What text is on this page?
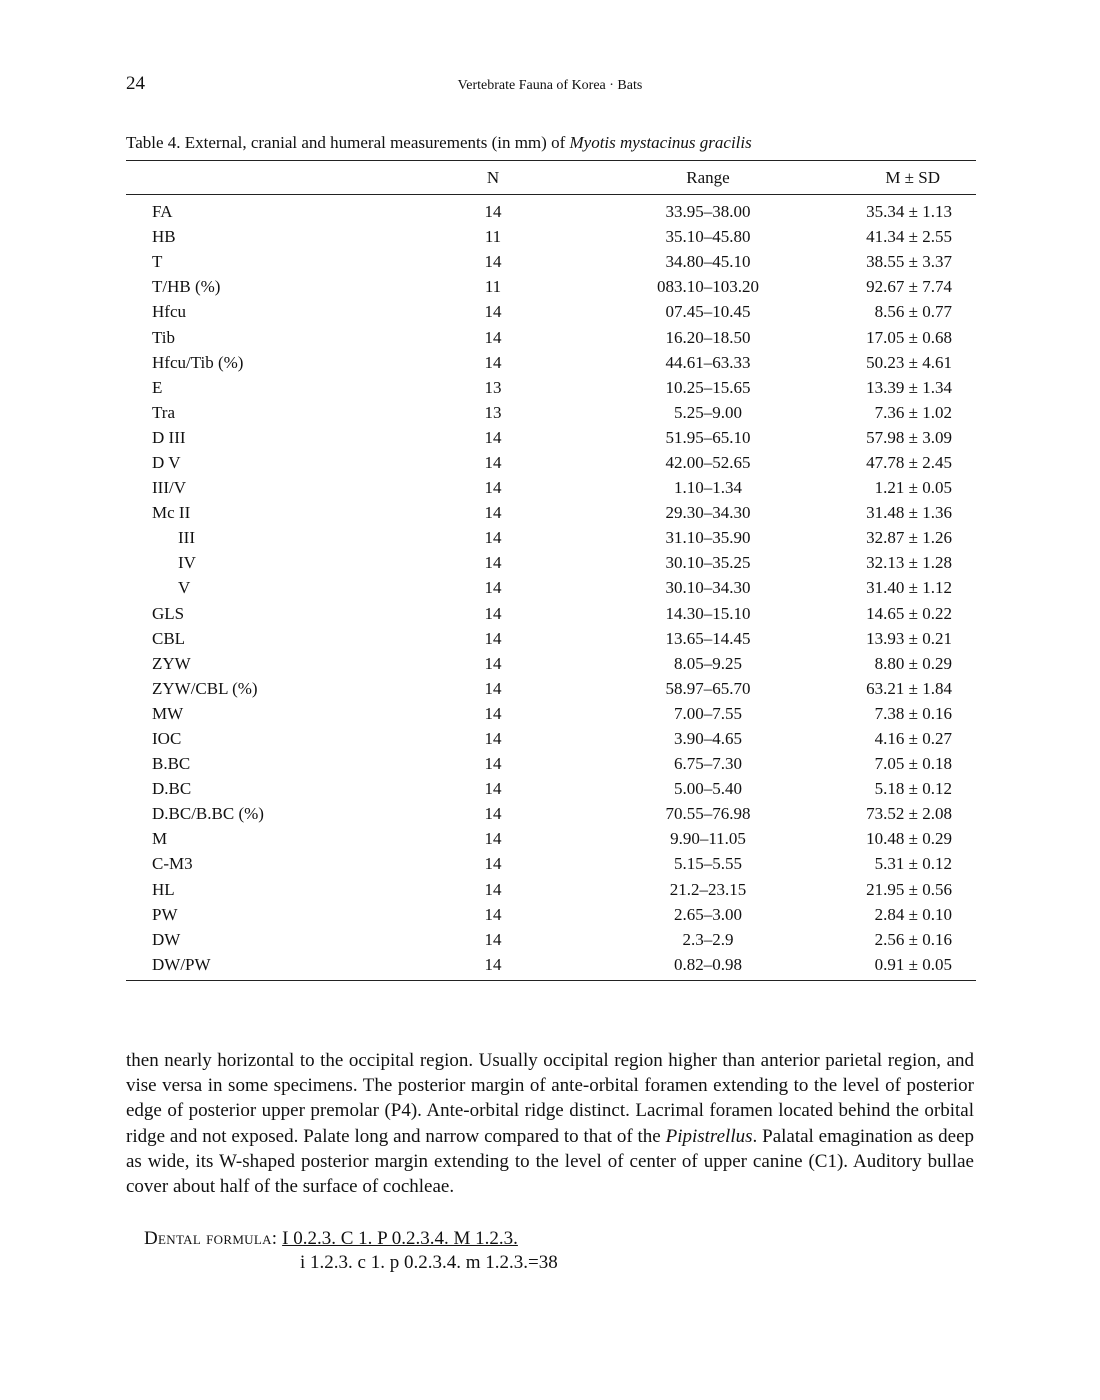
24	Vertebrate Fauna of Korea · Bats
Table 4. External, cranial and humeral measurements (in mm) of Myotis mystacinus gracilis
	N	Range	M ± SD
FA	14	33.95–38.00	35.34 ± 1.13
HB	11	35.10–45.80	41.34 ± 2.55
T	14	34.80–45.10	38.55 ± 3.37
T/HB (%)	11	083.10–103.20	92.67 ± 7.74
Hfcu	14	07.45–10.45	8.56 ± 0.77
Tib	14	16.20–18.50	17.05 ± 0.68
Hfcu/Tib (%)	14	44.61–63.33	50.23 ± 4.61
E	13	10.25–15.65	13.39 ± 1.34
Tra	13	5.25–9.00	7.36 ± 1.02
D III	14	51.95–65.10	57.98 ± 3.09
D V	14	42.00–52.65	47.78 ± 2.45
III/V	14	1.10–1.34	1.21 ± 0.05
Mc II	14	29.30–34.30	31.48 ± 1.36
III	14	31.10–35.90	32.87 ± 1.26
IV	14	30.10–35.25	32.13 ± 1.28
V	14	30.10–34.30	31.40 ± 1.12
GLS	14	14.30–15.10	14.65 ± 0.22
CBL	14	13.65–14.45	13.93 ± 0.21
ZYW	14	8.05–9.25	8.80 ± 0.29
ZYW/CBL (%)	14	58.97–65.70	63.21 ± 1.84
MW	14	7.00–7.55	7.38 ± 0.16
IOC	14	3.90–4.65	4.16 ± 0.27
B.BC	14	6.75–7.30	7.05 ± 0.18
D.BC	14	5.00–5.40	5.18 ± 0.12
D.BC/B.BC (%)	14	70.55–76.98	73.52 ± 2.08
M	14	9.90–11.05	10.48 ± 0.29
C-M3	14	5.15–5.55	5.31 ± 0.12
HL	14	21.2–23.15	21.95 ± 0.56
PW	14	2.65–3.00	2.84 ± 0.10
DW	14	2.3–2.9	2.56 ± 0.16
DW/PW	14	0.82–0.98	0.91 ± 0.05

then nearly horizontal to the occipital region. Usually occipital region higher than anterior parietal region, and vise versa in some specimens. The posterior margin of ante-orbital foramen extending to the level of posterior edge of posterior upper premolar (P4). Ante-orbital ridge distinct. Lacrimal foramen located behind the orbital ridge and not exposed. Palate long and narrow compared to that of the Pipistrellus. Palatal emagination as deep as wide, its W-shaped posterior margin extending to the level of center of upper canine (C1). Auditory bullae cover about half of the surface of cochleae.

Dental formula: I 0.2.3. C 1. P 0.2.3.4. M 1.2.3.
i 1.2.3. c 1. p 0.2.3.4. m 1.2.3.=38
